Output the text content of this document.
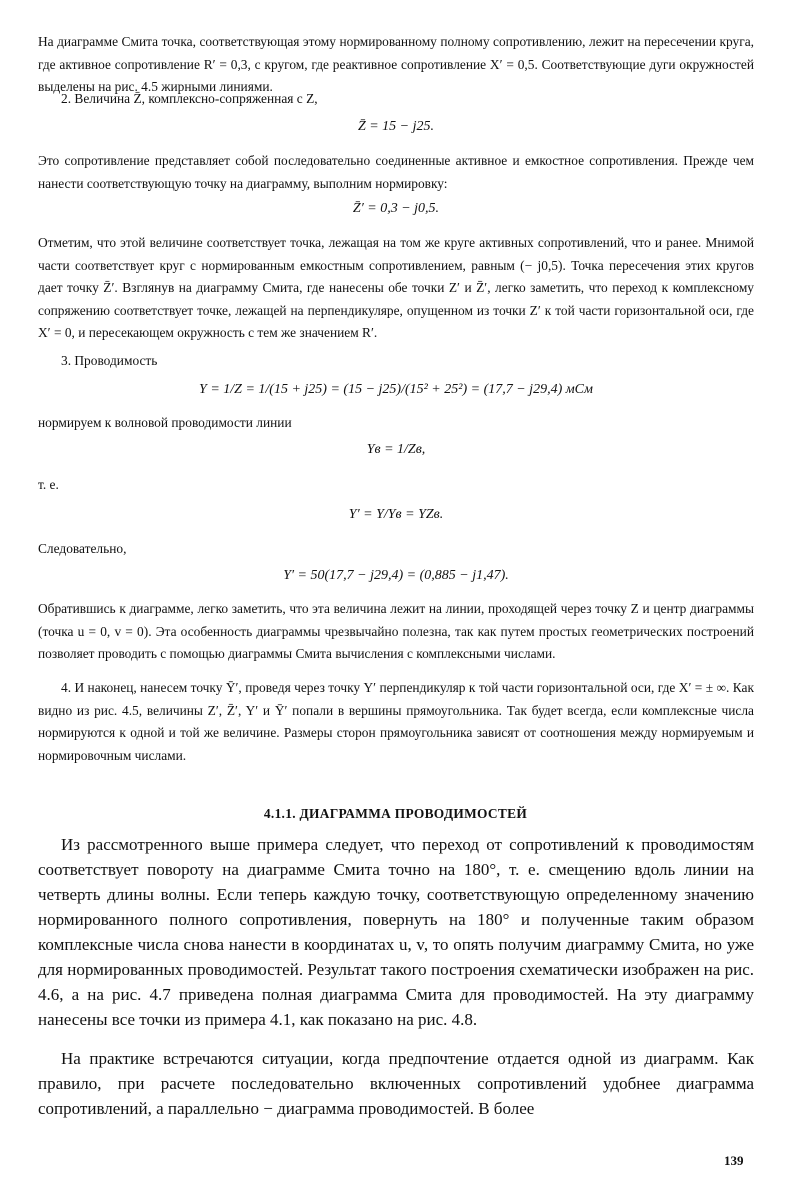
На диаграмме Смита точка, соответствующая этому нормированному полному сопротивлению, лежит на пересечении круга, где активное сопротивление R′ = 0,3, с кругом, где реактивное сопротивление X′ = 0,5. Соответствующие дуги окружностей выделены на рис. 4.5 жирными линиями.
2. Величина Z̄, комплексно-сопряженная с Z,
Z̄ = 15 − j25.
Это сопротивление представляет собой последовательно соединенные активное и емкостное сопротивления. Прежде чем нанести соответствующую точку на диаграмму, выполним нормировку:
Z̄′ = 0,3 − j0,5.
Отметим, что этой величине соответствует точка, лежащая на том же круге активных сопротивлений, что и ранее. Мнимой части соответствует круг с нормированным емкостным сопротивлением, равным (− j0,5). Точка пересечения этих кругов дает точку Z̄′. Взглянув на диаграмму Смита, где нанесены обе точки Z′ и Z̄′, легко заметить, что переход к комплексному сопряжению соответствует точке, лежащей на перпендикуляре, опущенном из точки Z′ к той части горизонтальной оси, где X′ = 0, и пересекающем окружность с тем же значением R′.
3. Проводимость
Y = 1/Z = 1/(15 + j25) = (15 − j25)/(15² + 25²) = (17,7 − j29,4) мСм
нормируем к волновой проводимости линии
Yв = 1/Zв,
т. е.
Y′ = Y/Yв = YZв.
Следовательно,
Y′ = 50(17,7 − j29,4) = (0,885 − j1,47).
Обратившись к диаграмме, легко заметить, что эта величина лежит на линии, проходящей через точку Z и центр диаграммы (точка u = 0, v = 0). Эта особенность диаграммы чрезвычайно полезна, так как путем простых геометрических построений позволяет проводить с помощью диаграммы Смита вычисления с комплексными числами.
4. И наконец, нанесем точку Ȳ′, проведя через точку Y′ перпендикуляр к той части горизонтальной оси, где X′ = ± ∞. Как видно из рис. 4.5, величины Z′, Z̄′, Y′ и Ȳ′ попали в вершины прямоугольника. Так будет всегда, если комплексные числа нормируются к одной и той же величине. Размеры сторон прямоугольника зависят от соотношения между нормируемым и нормировочным числами.
4.1.1. ДИАГРАММА ПРОВОДИМОСТЕЙ
Из рассмотренного выше примера следует, что переход от сопротивлений к проводимостям соответствует повороту на диаграмме Смита точно на 180°, т. е. смещению вдоль линии на четверть длины волны. Если теперь каждую точку, соответствующую определенному значению нормированного полного сопротивления, повернуть на 180° и полученные таким образом комплексные числа снова нанести в координатах u, v, то опять получим диаграмму Смита, но уже для нормированных проводимостей. Результат такого построения схематически изображен на рис. 4.6, а на рис. 4.7 приведена полная диаграмма Смита для проводимостей. На эту диаграмму нанесены все точки из примера 4.1, как показано на рис. 4.8.
На практике встречаются ситуации, когда предпочтение отдается одной из диаграмм. Как правило, при расчете последовательно включенных сопротивлений удобнее диаграмма сопротивлений, а параллельно − диаграмма проводимостей. В более
139
